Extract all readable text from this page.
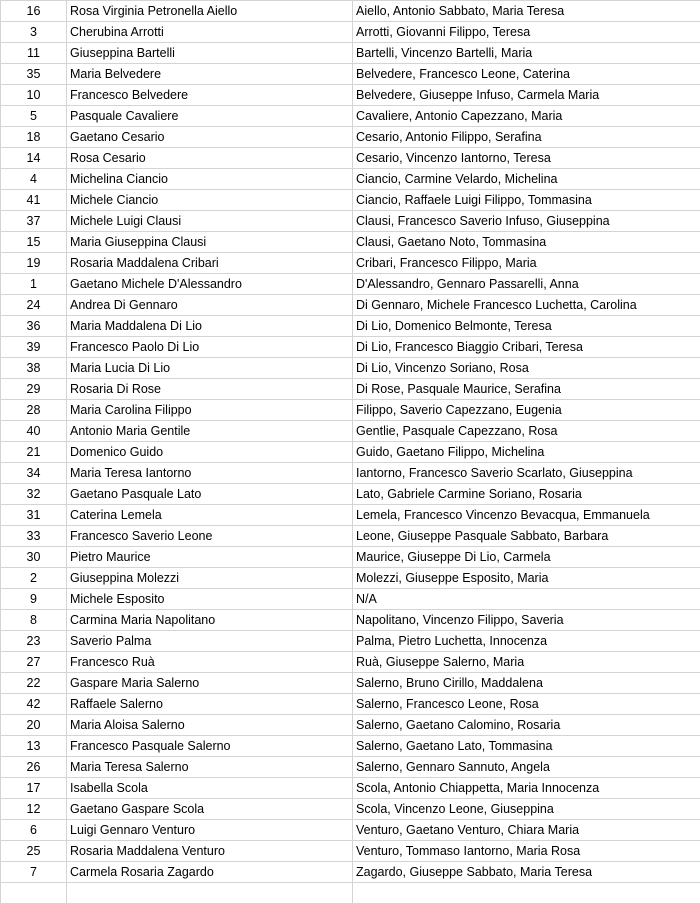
16	Rosa Virginia Petronella Aiello	Aiello, Antonio Sabbato, Maria Teresa
3	Cherubina Arrotti	Arrotti, Giovanni Filippo, Teresa
11	Giuseppina Bartelli	Bartelli, Vincenzo Bartelli, Maria
35	Maria Belvedere	Belvedere, Francesco Leone, Caterina
10	Francesco Belvedere	Belvedere, Giuseppe Infuso, Carmela Maria
5	Pasquale Cavaliere	Cavaliere, Antonio Capezzano, Maria
18	Gaetano Cesario	Cesario, Antonio Filippo, Serafina
14	Rosa Cesario	Cesario, Vincenzo Iantorno, Teresa
4	Michelina Ciancio	Ciancio, Carmine Velardo, Michelina
41	Michele Ciancio	Ciancio, Raffaele Luigi Filippo, Tommasina
37	Michele Luigi Clausi	Clausi, Francesco Saverio Infuso, Giuseppina
15	Maria Giuseppina Clausi	Clausi, Gaetano Noto, Tommasina
19	Rosaria Maddalena Cribari	Cribari, Francesco Filippo, Maria
1	Gaetano Michele D'Alessandro	D'Alessandro, Gennaro Passarelli, Anna
24	Andrea Di Gennaro	Di Gennaro, Michele Francesco Luchetta, Carolina
36	Maria Maddalena Di Lio	Di Lio, Domenico Belmonte, Teresa
39	Francesco Paolo Di Lio	Di Lio, Francesco Biaggio Cribari, Teresa
38	Maria Lucia Di Lio	Di Lio, Vincenzo Soriano, Rosa
29	Rosaria Di Rose	Di Rose, Pasquale Maurice, Serafina
28	Maria Carolina Filippo	Filippo, Saverio Capezzano, Eugenia
40	Antonio Maria Gentile	Gentlie, Pasquale Capezzano, Rosa
21	Domenico Guido	Guido, Gaetano Filippo, Michelina
34	Maria Teresa Iantorno	Iantorno, Francesco Saverio Scarlato, Giuseppina
32	Gaetano Pasquale Lato	Lato, Gabriele Carmine Soriano, Rosaria
31	Caterina Lemela	Lemela, Francesco Vincenzo Bevacqua, Emmanuela
33	Francesco Saverio Leone	Leone, Giuseppe Pasquale Sabbato, Barbara
30	Pietro Maurice	Maurice, Giuseppe Di Lio, Carmela
2	Giuseppina Molezzi	Molezzi, Giuseppe Esposito, Maria
9	Michele Esposito	N/A
8	Carmina Maria Napolitano	Napolitano, Vincenzo Filippo, Saveria
23	Saverio Palma	Palma, Pietro Luchetta, Innocenza
27	Francesco Ruà	Ruà, Giuseppe Salerno, Maria
22	Gaspare Maria Salerno	Salerno, Bruno Cirillo, Maddalena
42	Raffaele Salerno	Salerno, Francesco Leone, Rosa
20	Maria Aloisa Salerno	Salerno, Gaetano Calomino, Rosaria
13	Francesco Pasquale Salerno	Salerno, Gaetano Lato, Tommasina
26	Maria Teresa Salerno	Salerno, Gennaro Sannuto, Angela
17	Isabella Scola	Scola, Antonio Chiappetta, Maria Innocenza
12	Gaetano Gaspare Scola	Scola, Vincenzo Leone, Giuseppina
6	Luigi Gennaro Venturo	Venturo, Gaetano Venturo, Chiara Maria
25	Rosaria Maddalena Venturo	Venturo, Tommaso Iantorno, Maria Rosa
7	Carmela Rosaria Zagardo	Zagardo, Giuseppe Sabbato, Maria Teresa
